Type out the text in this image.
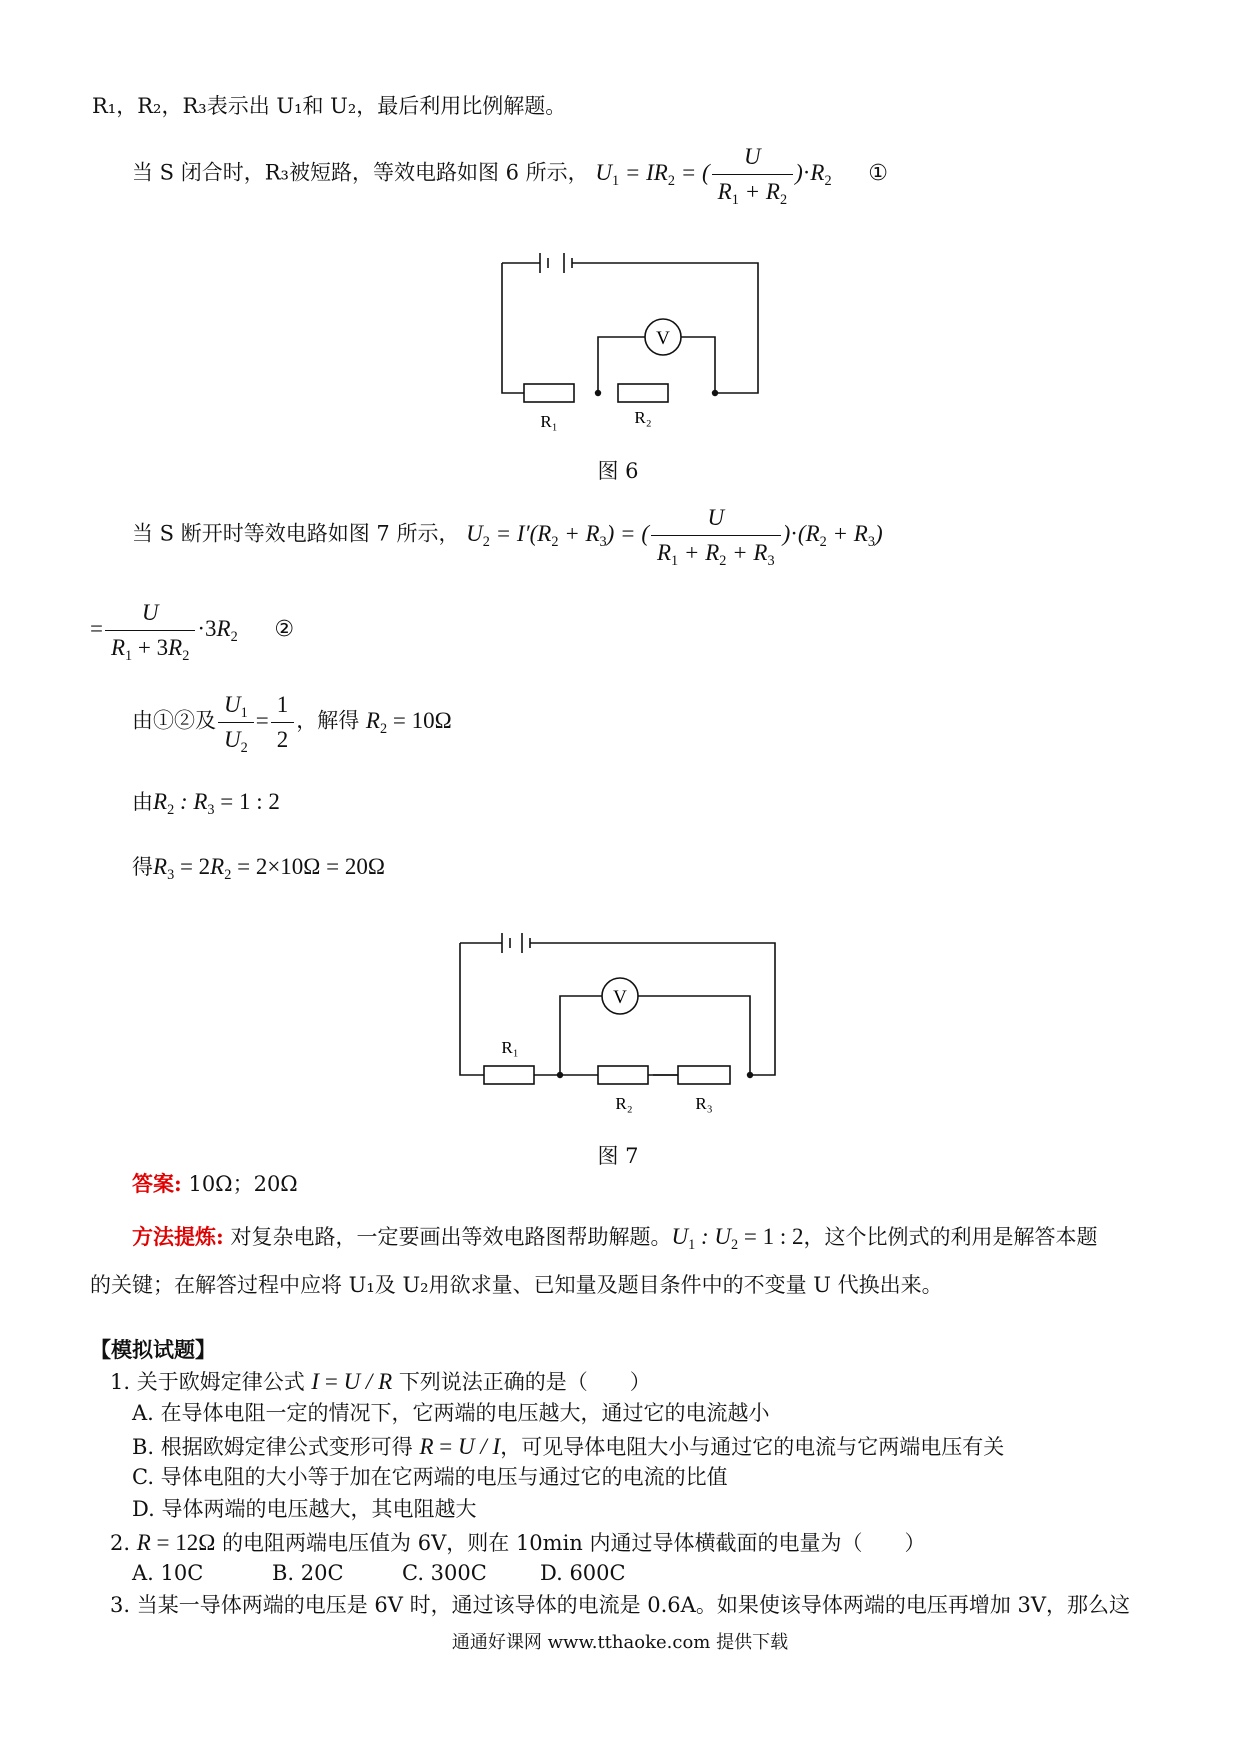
R₁，R₂，R₃表示出 U₁和 U₂，最后利用比例解题。
当 S 闭合时，R₃被短路，等效电路如图 6 所示， $U_1 = IR_2$ = ( $\frac{U}{R_1 + R_2} )\cdot R_2$ ①
V
R₁	R₂
图 6
当 S 断开时等效电路如图 7 所示， $U_2 = I'(R_2 + R_3)$ = ( $\frac{U}{R_1 + R_2 + R_3} )\cdot(R_2 + R_3)$
= $\frac{U}{R_1 + 3R_2} \cdot 3R_2$ ②
由①②及 $\frac{U_1}{U_2} = \frac{1}{2}$ ，解得 $R_2 = 10\Omega$
由$R_2$ : $R_3 = 1$ : 2
得$R_3 = 2R_2 = 2\times 10\Omega = 20\Omega$
V
R₁
R₂	R₃
图 7
答案: 10Ω；20Ω
方法提炼: 对复杂电路，一定要画出等效电路图帮助解题。$U_1$ : $U_2 = 1$ : 2，这个比例式的利用是解答本题
的关键；在解答过程中应将 U₁及 U₂用欲求量、已知量及题目条件中的不变量 U 代换出来。
【模拟试题】
1. 关于欧姆定律公式 I = U / R 下列说法正确的是（　　）
A. 在导体电阻一定的情况下，它两端的电压越大，通过它的电流越小
B. 根据欧姆定律公式变形可得 R = U / I，可见导体电阻大小与通过它的电流与它两端电压有关
C. 导体电阻的大小等于加在它两端的电压与通过它的电流的比值
D. 导体两端的电压越大，其电阻越大
2. R = 12Ω 的电阻两端电压值为 6V，则在 10min 内通过导体横截面的电量为（　　）
A. 10C	B. 20C	C. 300C	D. 600C
3. 当某一导体两端的电压是 6V 时，通过该导体的电流是 0.6A。如果使该导体两端的电压再增加 3V，那么这
通通好课网 www.tthaoke.com 提供下载
